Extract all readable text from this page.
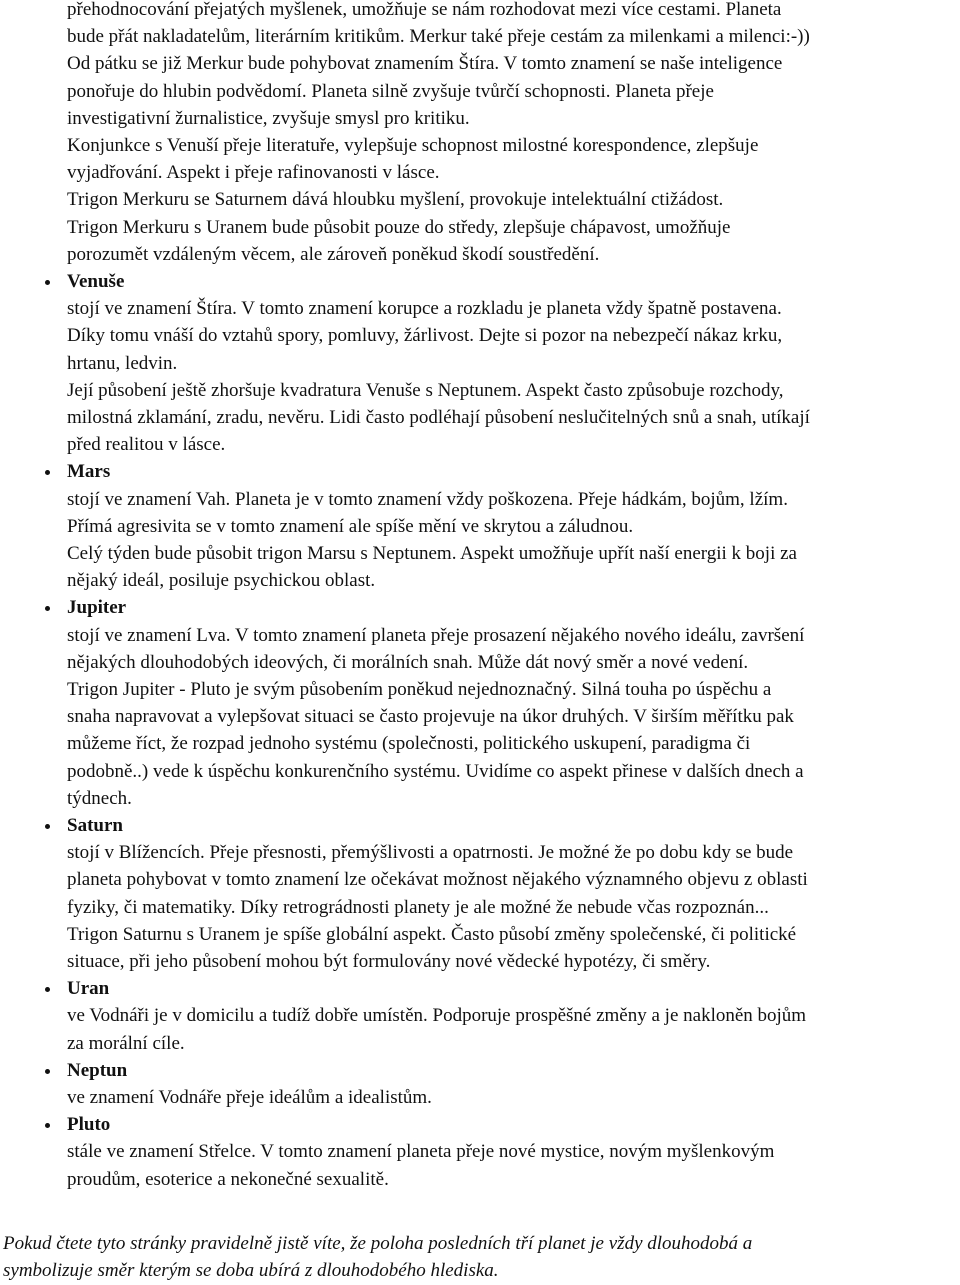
přehodnocování přejatých myšlenek, umožňuje se nám rozhodovat mezi více cestami. Planeta
bude přát nakladatelům, literárním kritikům. Merkur také přeje cestám za milenkami a milenci:-))
Od pátku se již Merkur bude pohybovat znamením Štíra. V tomto znamení se naše inteligence
ponořuje do hlubin podvědomí. Planeta silně zvyšuje tvůrčí schopnosti. Planeta přeje
investigativní žurnalistice, zvyšuje smysl pro kritiku.
Konjunkce s Venuší přeje literatuře, vylepšuje schopnost milostné korespondence, zlepšuje
vyjadřování. Aspekt i přeje rafinovanosti v lásce.
Trigon Merkuru se Saturnem dává hloubku myšlení, provokuje intelektuální ctižádost.
Trigon Merkuru s Uranem bude působit pouze do středy, zlepšuje chápavost, umožňuje
porozumět vzdáleným věcem, ale zároveň poněkud škodí soustředění.
Venuše
stojí ve znamení Štíra. V tomto znamení korupce a rozkladu je planeta vždy špatně postavena.
Díky tomu vnáší do vztahů spory, pomluvy, žárlivost. Dejte si pozor na nebezpečí nákaz krku,
hrtanu, ledvin.
Její působení ještě zhoršuje kvadratura Venuše s Neptunem. Aspekt často způsobuje rozchody,
milostná zklamání, zradu, nevěru. Lidi často podléhají působení neslučitelných snů a snah, utíkají
před realitou v lásce.
Mars
stojí ve znamení Vah. Planeta je v tomto znamení vždy poškozena. Přeje hádkám, bojům, lžím.
Přímá agresivita se v tomto znamení ale spíše mění ve skrytou a záludnou.
Celý týden bude působit trigon Marsu s Neptunem. Aspekt umožňuje upřít naší energii k boji za
nějaký ideál, posiluje psychickou oblast.
Jupiter
stojí ve znamení Lva. V tomto znamení planeta přeje prosazení nějakého nového ideálu, završení
nějakých dlouhodobých ideových, či morálních snah. Může dát nový směr a nové vedení.
Trigon Jupiter - Pluto je svým působením poněkud nejednoznačný. Silná touha po úspěchu a
snaha napravovat a vylepšovat situaci se často projevuje na úkor druhých. V širším měřítku pak
můžeme říct, že rozpad jednoho systému (společnosti, politického uskupení, paradigma či
podobně..) vede k úspěchu konkurenčního systému. Uvidíme co aspekt přinese v dalších dnech a
týdnech.
Saturn
stojí v Blížencích. Přeje přesnosti, přemýšlivosti a opatrnosti. Je možné že po dobu kdy se bude
planeta pohybovat v tomto znamení lze očekávat možnost nějakého významného objevu z oblasti
fyziky, či matematiky. Díky retrográdnosti planety je ale možné že nebude včas rozpoznán...
Trigon Saturnu s Uranem je spíše globální aspekt. Často působí změny společenské, či politické
situace, při jeho působení mohou být formulovány nové vědecké hypotézy, či směry.
Uran
ve Vodnáři je v domicilu a tudíž dobře umístěn. Podporuje prospěšné změny a je nakloněn bojům
za morální cíle.
Neptun
ve znamení Vodnáře přeje ideálům a idealistům.
Pluto
stále ve znamení Střelce. V tomto znamení planeta přeje nové mystice, novým myšlenkovým
proudům, esoterice a nekonečné sexualitě.
Pokud čtete tyto stránky pravidelně jistě víte, že poloha posledních tří planet je vždy dlouhodobá a
symbolizuje směr kterým se doba ubírá z dlouhodobého hlediska.
